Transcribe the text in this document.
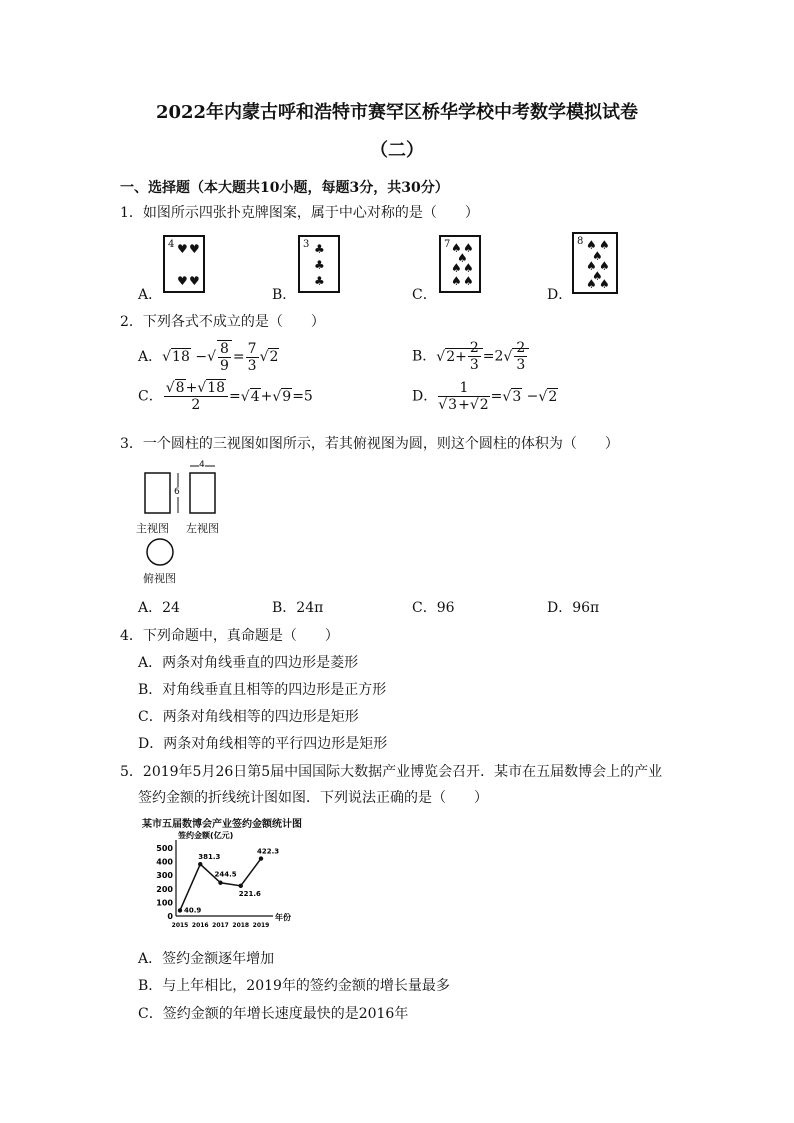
2022年内蒙古呼和浩特市赛罕区桥华学校中考数学模拟试卷
（二）
一、选择题（本大题共10小题，每题3分，共30分）
1．如图所示四张扑克牌图案，属于中心对称的是（　　）
A．
4 ♥
♥ ♥
♥
B．
3 ♣
♣
♣
C．
7 ♠ ♠
♠
♠ ♠
♠ ♠
D．
8 ♠ ♠
♠
♠ ♠
♠
♠ ♠
2．下列各式不成立的是（　　）
A． √ 18 − √ $\frac{8}{9} = \frac{7}{3}$ √ 2	B． √ $2+ \frac{2}{3} =2√ \frac{2}{3}$
C． √ $\frac{8+ √ 18}{2}$ = √ 4+ √ 9=5	D． 1
√ 3+ √ 2 = √ 3 − √ 2
3．一个圆柱的三视图如图所示，若其俯视图为圆，则这个圆柱的体积为（　　）
4
6
主视图 左视图
俯视图
A．24	B．24π	C．96	D．96π
4．下列命题中，真命题是（　　）
A．两条对角线垂直的四边形是菱形
B．对角线垂直且相等的四边形是正方形
C．两条对角线相等的四边形是矩形
D．两条对角线相等的平行四边形是矩形
5．2019年5月26日第5届中国国际大数据产业博览会召开．某市在五届数博会上的产业
签约金额的折线统计图如图．下列说法正确的是（　　）
某市五届数博会产业签约金额统计图
签约金额(亿元)
年份
0
100
200
300
400
500
2015 2016 2017 2018 2019
40.9
381.3
244.5
221.6
422.3
A．签约金额逐年增加
B．与上年相比，2019年的签约金额的增长量最多
C．签约金额的年增长速度最快的是2016年
